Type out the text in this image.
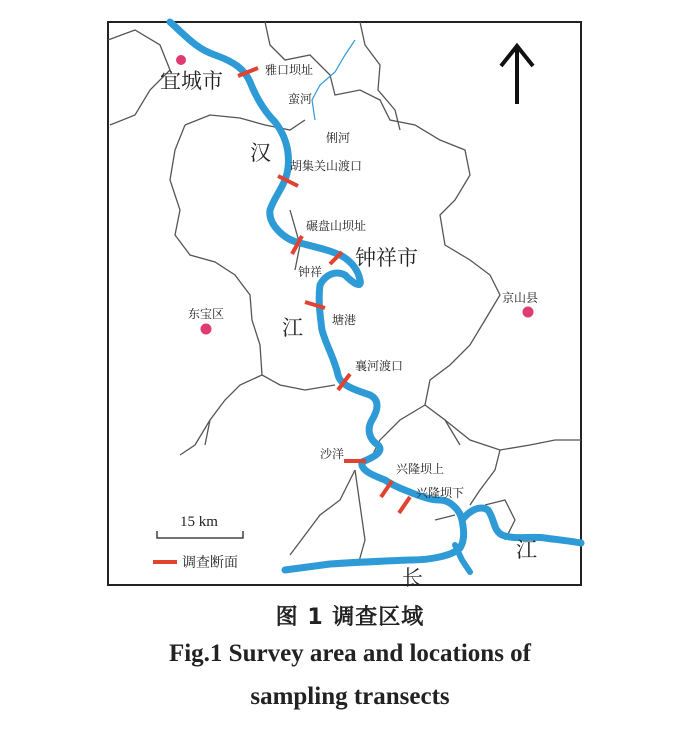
宜城市
钟祥市
东宝区
京山县
汉
江
长
江
蛮河
俐河
雅口坝址
胡集关山渡口
碾盘山坝址
钟祥
塘港
襄河渡口
沙洋
兴隆坝上
兴隆坝下
15 km
调查断面
图 1 调查区域
Fig.1 Survey area and locations of
sampling transects
